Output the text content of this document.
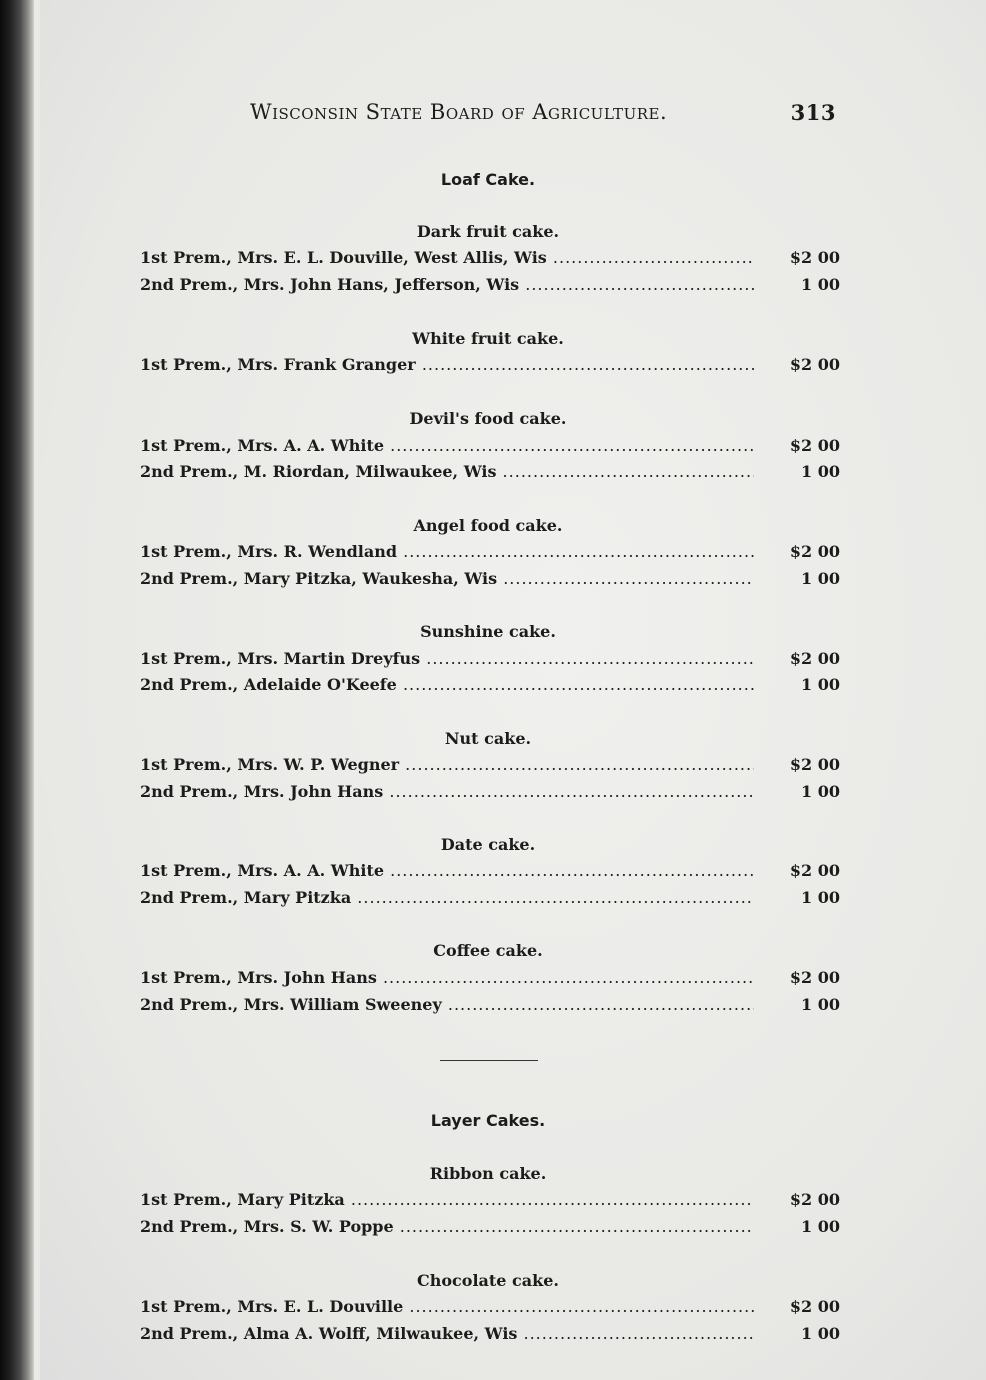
Wisconsin State Board of Agriculture.	313
Loaf Cake.
Dark fruit cake.
1st Prem., Mrs. E. L. Douville, West Allis, Wis .....	$2 00
2nd Prem., Mrs. John Hans, Jefferson, Wis .....	1 00
White fruit cake.
1st Prem., Mrs. Frank Granger .....	$2 00
Devil's food cake.
1st Prem., Mrs. A. A. White .....	$2 00
2nd Prem., M. Riordan, Milwaukee, Wis .....	1 00
Angel food cake.
1st Prem., Mrs. R. Wendland .....	$2 00
2nd Prem., Mary Pitzka, Waukesha, Wis .....	1 00
Sunshine cake.
1st Prem., Mrs. Martin Dreyfus .....	$2 00
2nd Prem., Adelaide O'Keefe .....	1 00
Nut cake.
1st Prem., Mrs. W. P. Wegner .....	$2 00
2nd Prem., Mrs. John Hans .....	1 00
Date cake.
1st Prem., Mrs. A. A. White .....	$2 00
2nd Prem., Mary Pitzka .....	1 00
Coffee cake.
1st Prem., Mrs. John Hans .....	$2 00
2nd Prem., Mrs. William Sweeney .....	1 00
Layer Cakes.
Ribbon cake.
1st Prem., Mary Pitzka .....	$2 00
2nd Prem., Mrs. S. W. Poppe .....	1 00
Chocolate cake.
1st Prem., Mrs. E. L. Douville .....	$2 00
2nd Prem., Alma A. Wolff, Milwaukee, Wis .....	1 00
